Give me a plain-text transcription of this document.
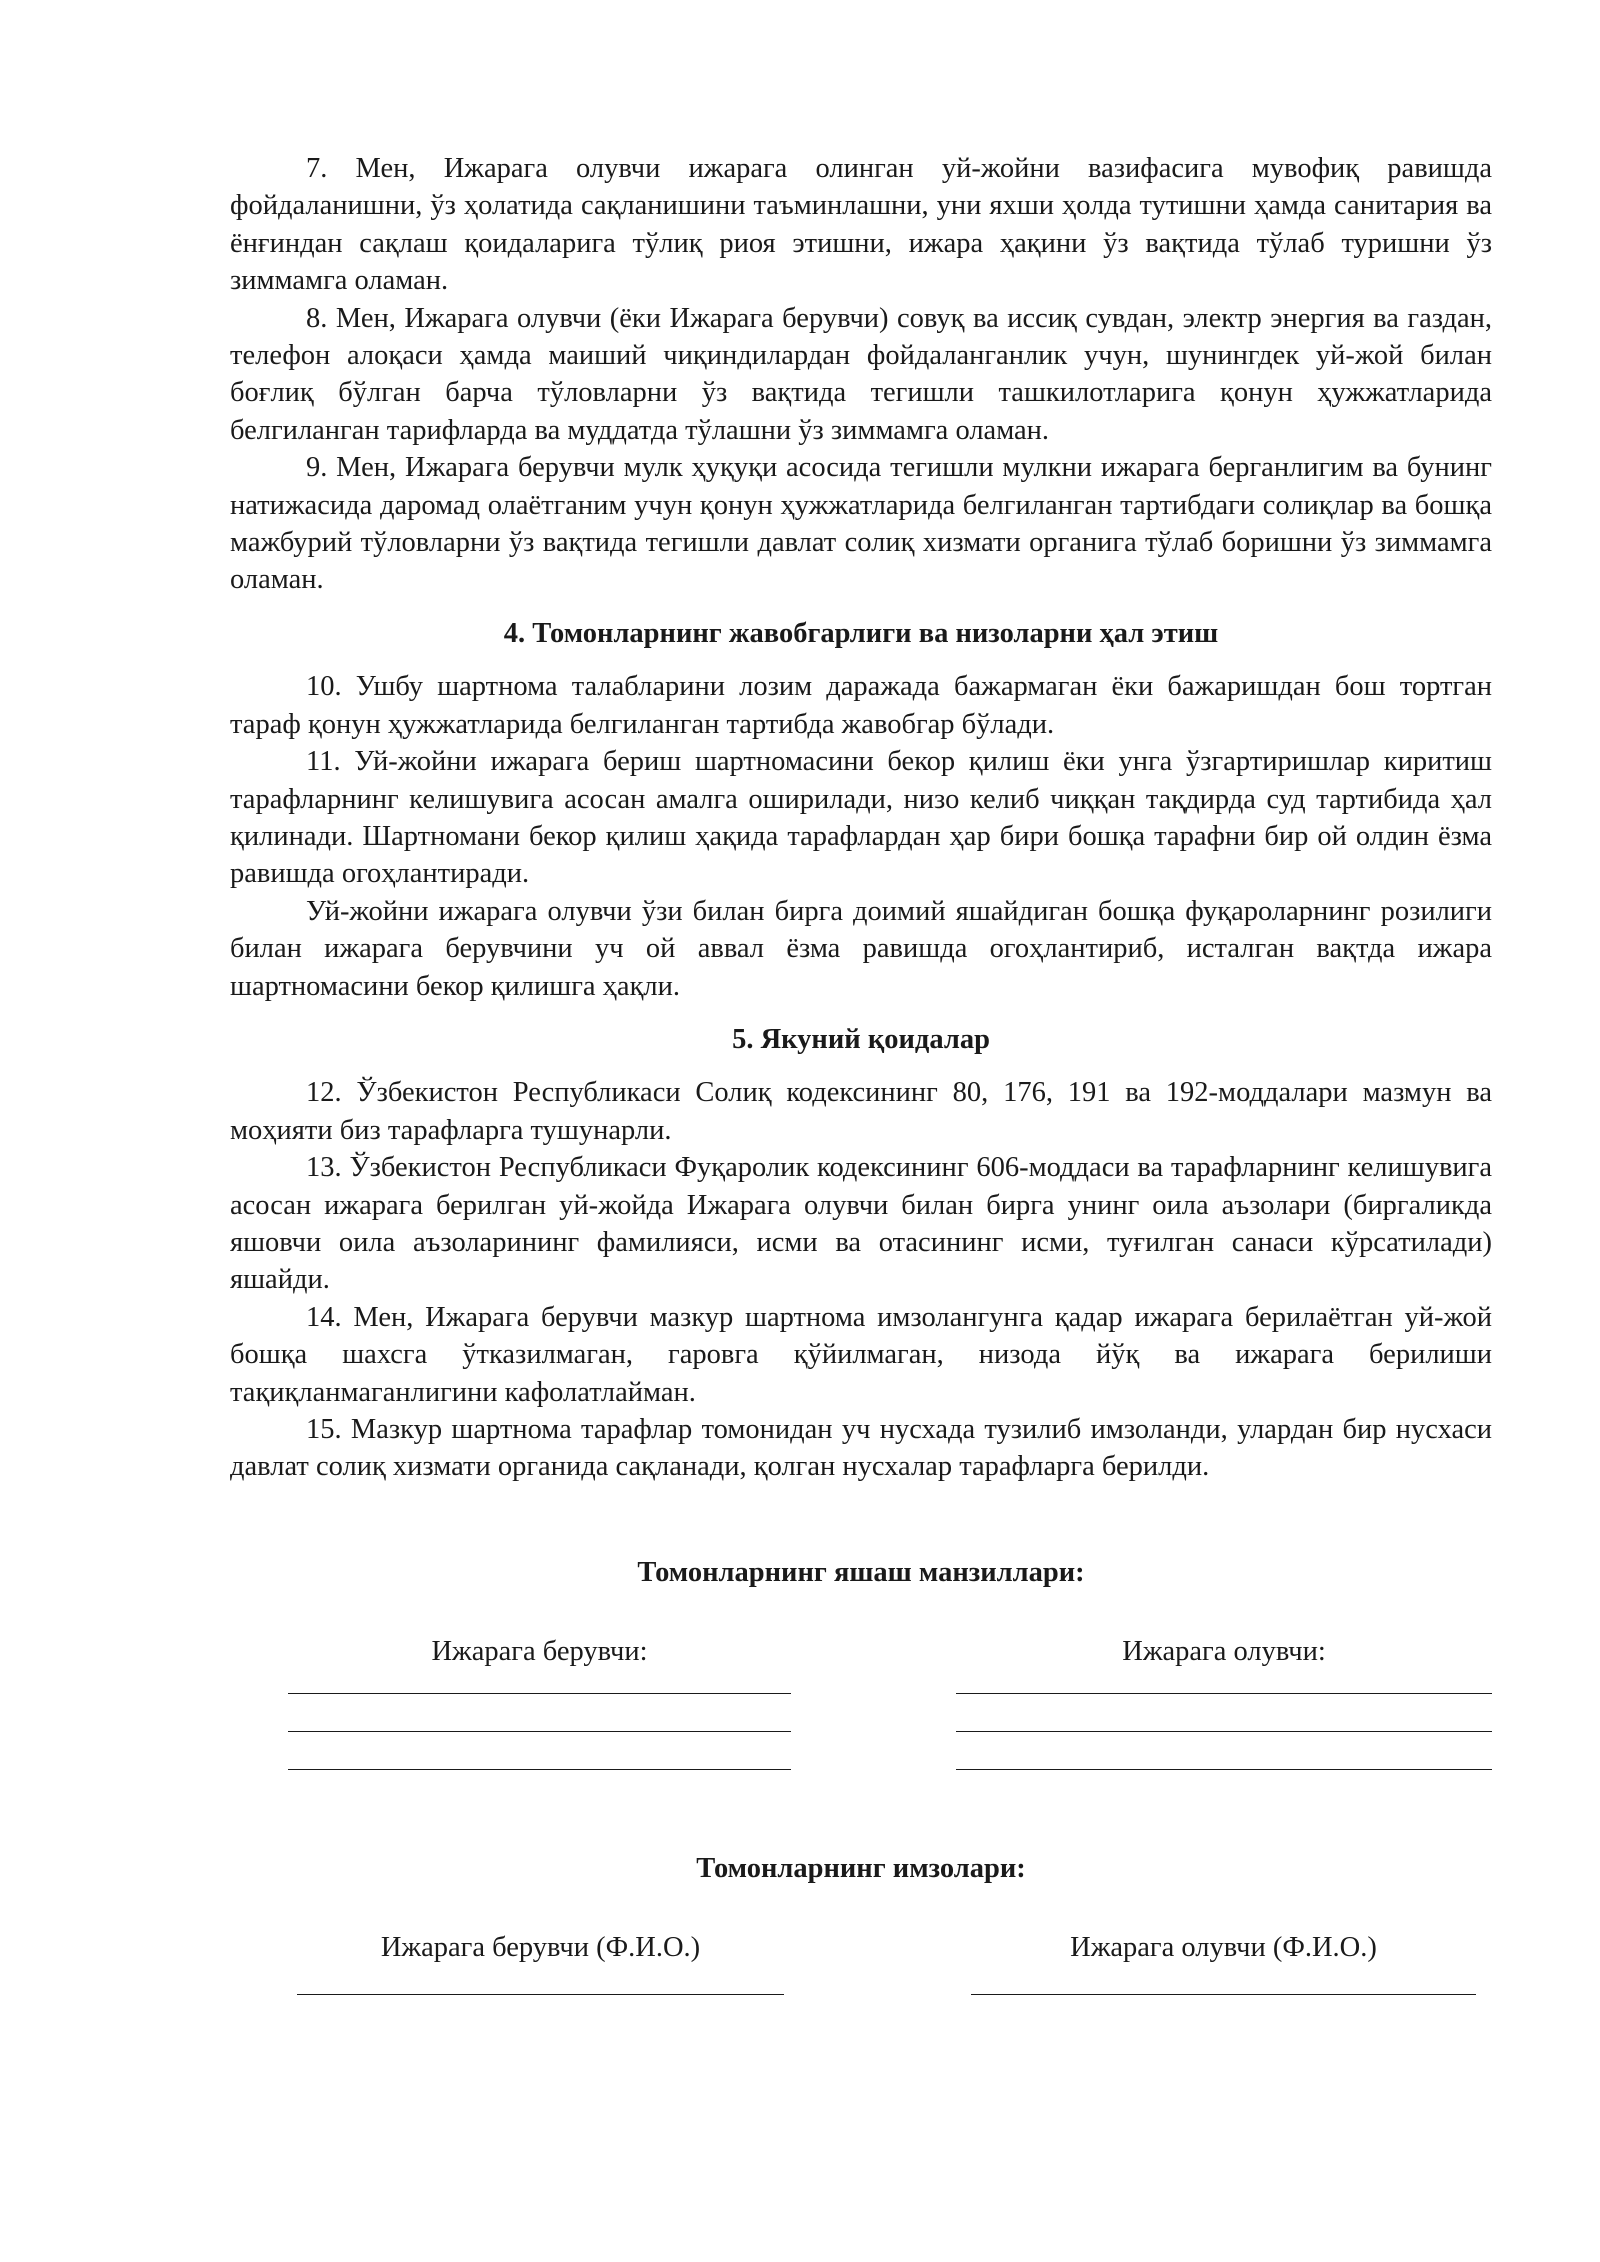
7. Мен, Ижарага олувчи ижарага олинган уй-жойни вазифасига мувофиқ равишда фойдаланишни, ўз ҳолатида сақланишини таъминлашни, уни яхши ҳолда тутишни ҳамда санитария ва ёнғиндан сақлаш қоидаларига тўлиқ риоя этишни, ижара ҳақини ўз вақтида тўлаб туришни ўз зиммамга оламан.

8. Мен, Ижарага олувчи (ёки Ижарага берувчи) совуқ ва иссиқ сувдан, электр энергия ва газдан, телефон алоқаси ҳамда маиший чиқиндилардан фойдаланганлик учун, шунингдек уй-жой билан боғлиқ бўлган барча тўловларни ўз вақтида тегишли ташкилотларига қонун ҳужжатларида белгиланган тарифларда ва муддатда тўлашни ўз зиммамга оламан.

9. Мен, Ижарага берувчи мулк ҳуқуқи асосида тегишли мулкни ижарага берганлигим ва бунинг натижасида даромад олаётганим учун қонун ҳужжатларида белгиланган тартибдаги солиқлар ва бошқа мажбурий тўловларни ўз вақтида тегишли давлат солиқ хизмати органига тўлаб боришни ўз зиммамга оламан.

4. Томонларнинг жавобгарлиги ва низоларни ҳал этиш

10. Ушбу шартнома талабларини лозим даражада бажармаган ёки бажаришдан бош тортган тараф қонун ҳужжатларида белгиланган тартибда жавобгар бўлади.

11. Уй-жойни ижарага бериш шартномасини бекор қилиш ёки унга ўзгартиришлар киритиш тарафларнинг келишувига асосан амалга оширилади, низо келиб чиққан тақдирда суд тартибида ҳал қилинади. Шартномани бекор қилиш ҳақида тарафлардан ҳар бири бошқа тарафни бир ой олдин ёзма равишда огоҳлантиради.

Уй-жойни ижарага олувчи ўзи билан бирга доимий яшайдиган бошқа фуқароларнинг розилиги билан ижарага берувчини уч ой аввал ёзма равишда огоҳлантириб, исталган вақтда ижара шартномасини бекор қилишга ҳақли.

5. Якуний қоидалар

12. Ўзбекистон Республикаси Солиқ кодексининг 80, 176, 191 ва 192-моддалари мазмун ва моҳияти биз тарафларга тушунарли.

13. Ўзбекистон Республикаси Фуқаролик кодексининг 606-моддаси ва тарафларнинг келишувига асосан ижарага берилган уй-жойда Ижарага олувчи билан бирга унинг оила аъзолари (биргаликда яшовчи оила аъзоларининг фамилияси, исми ва отасининг исми, туғилган санаси кўрсатилади) яшайди.

14. Мен, Ижарага берувчи мазкур шартнома имзолангунга қадар ижарага берилаётган уй-жой бошқа шахсга ўтказилмаган, гаровга қўйилмаган, низода йўқ ва ижарага берилиши тақиқланмаганлигини кафолатлайман.

15. Мазкур шартнома тарафлар томонидан уч нусхада тузилиб имзоланди, улардан бир нусхаси давлат солиқ хизмати органида сақланади, қолган нусхалар тарафларга берилди.

Томонларнинг яшаш манзиллари:

Ижарага берувчи:	Ижарага олувчи:

Томонларнинг имзолари:

Ижарага берувчи (Ф.И.О.)	Ижарага олувчи (Ф.И.О.)
